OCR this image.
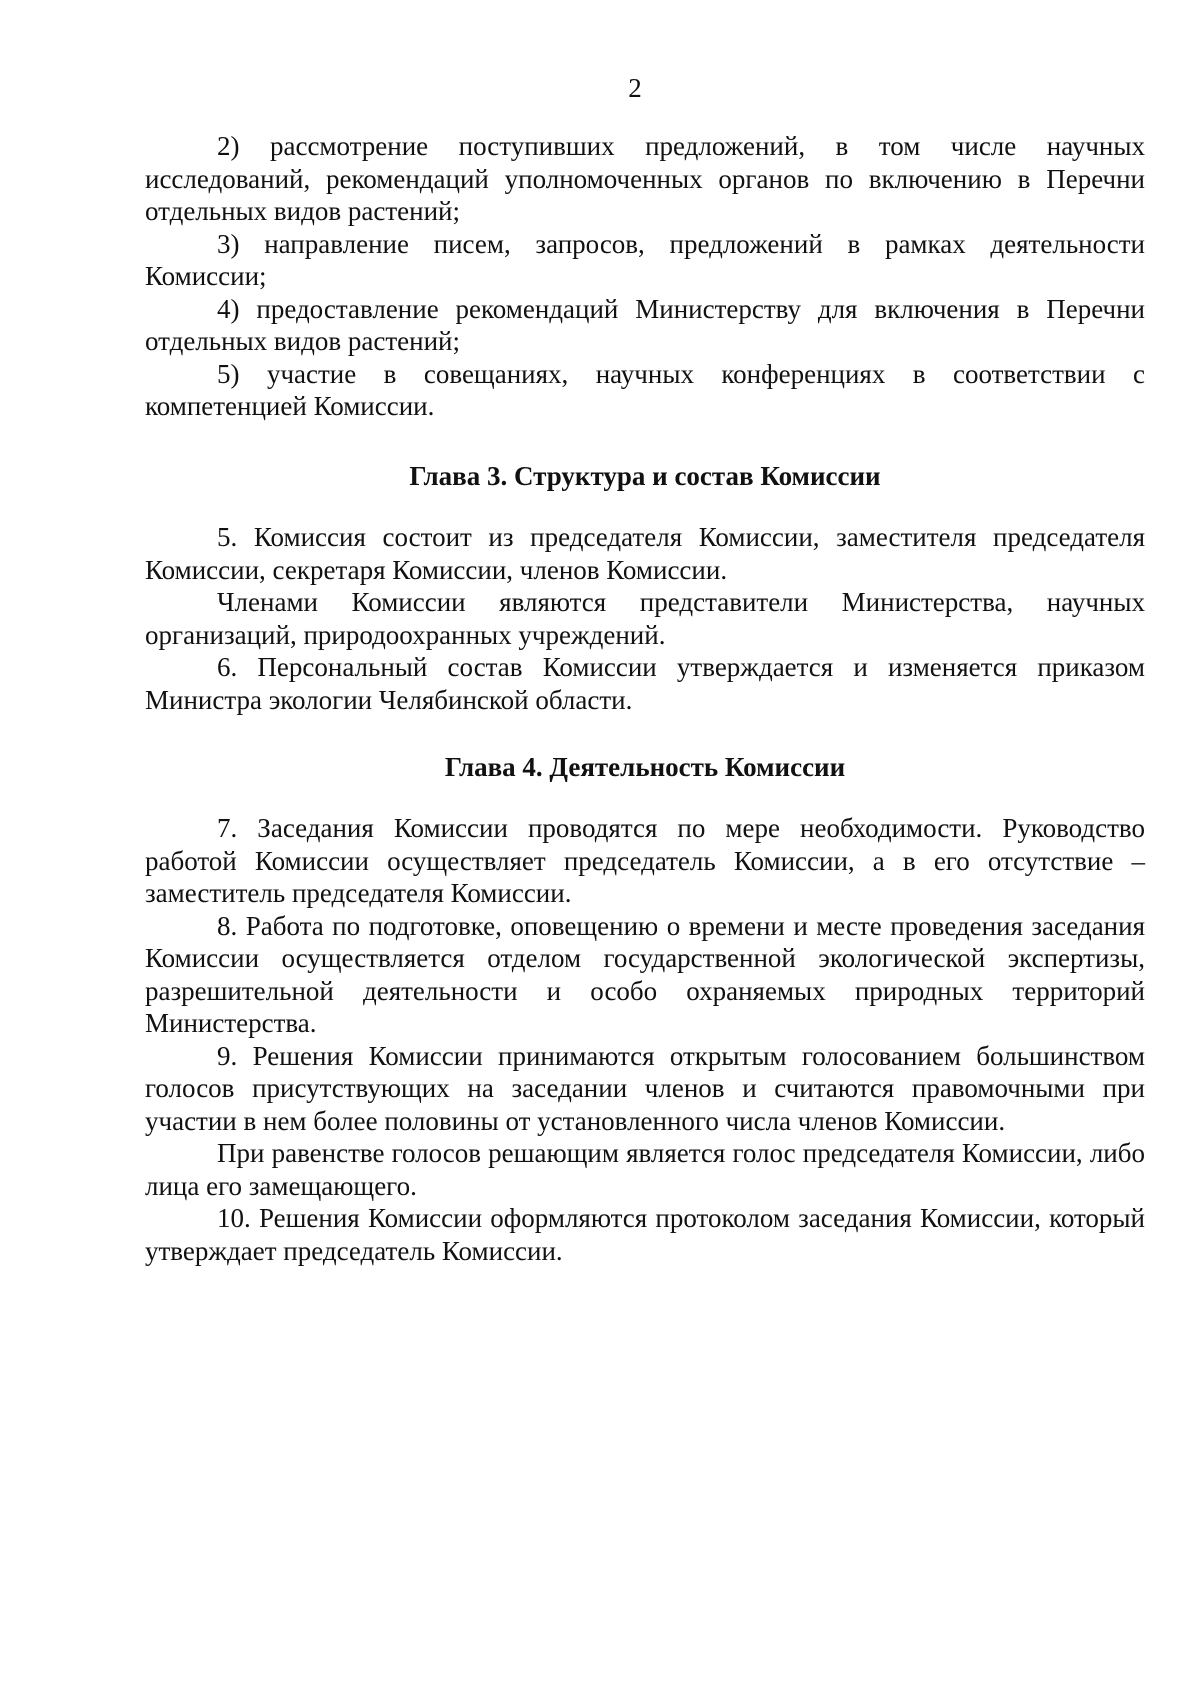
2

2) рассмотрение поступивших предложений, в том числе научных исследований, рекомендаций уполномоченных органов по включению в Перечни отдельных видов растений;

3) направление писем, запросов, предложений в рамках деятельности Комиссии;

4) предоставление рекомендаций Министерству для включения в Перечни отдельных видов растений;

5) участие в совещаниях, научных конференциях в соответствии с компетенцией Комиссии.

Глава 3. Структура и состав Комиссии

5. Комиссия состоит из председателя Комиссии, заместителя председателя Комиссии, секретаря Комиссии, членов Комиссии.

Членами Комиссии являются представители Министерства, научных организаций, природоохранных учреждений.

6. Персональный состав Комиссии утверждается и изменяется приказом Министра экологии Челябинской области.

Глава 4. Деятельность Комиссии

7. Заседания Комиссии проводятся по мере необходимости. Руководство работой Комиссии осуществляет председатель Комиссии, а в его отсутствие – заместитель председателя Комиссии.

8. Работа по подготовке, оповещению о времени и месте проведения заседания Комиссии осуществляется отделом государственной экологической экспертизы, разрешительной деятельности и особо охраняемых природных территорий Министерства.

9. Решения Комиссии принимаются открытым голосованием большинством голосов присутствующих на заседании членов и считаются правомочными при участии в нем более половины от установленного числа членов Комиссии.

При равенстве голосов решающим является голос председателя Комиссии, либо лица его замещающего.

10. Решения Комиссии оформляются протоколом заседания Комиссии, который утверждает председатель Комиссии.
